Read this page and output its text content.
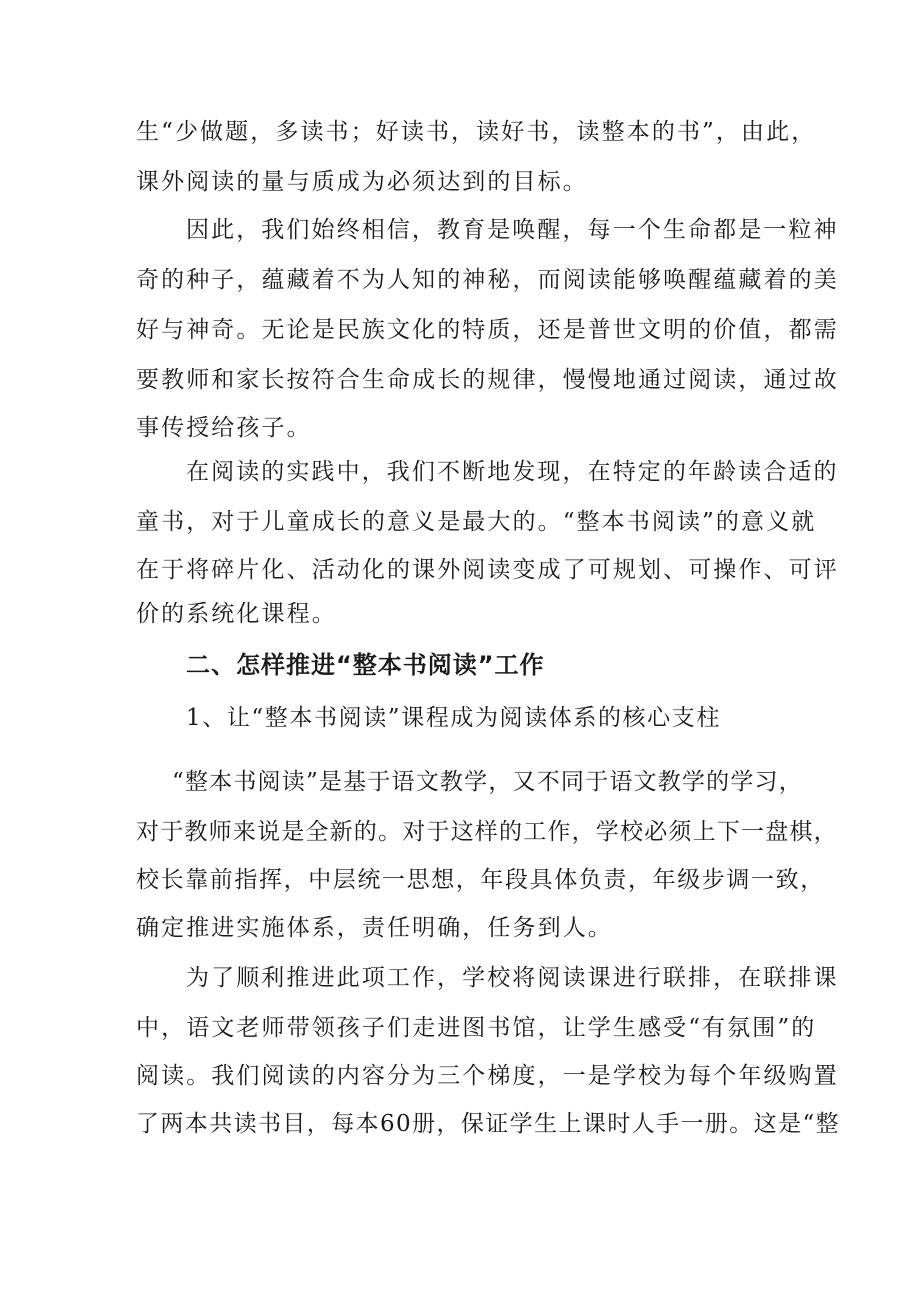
生“少做题，多读书；好读书，读好书，读整本的书”，由此，
课外阅读的量与质成为必须达到的目标。
因此，我们始终相信，教育是唤醒，每一个生命都是一粒神
奇的种子，蕴藏着不为人知的神秘，而阅读能够唤醒蕴藏着的美
好与神奇。无论是民族文化的特质，还是普世文明的价值，都需
要教师和家长按符合生命成长的规律，慢慢地通过阅读，通过故
事传授给孩子。
在阅读的实践中，我们不断地发现，在特定的年龄读合适的
童书，对于儿童成长的意义是最大的。“整本书阅读”的意义就
在于将碎片化、活动化的课外阅读变成了可规划、可操作、可评
价的系统化课程。
二、怎样推进“整本书阅读”工作
1、让“整本书阅读”课程成为阅读体系的核心支柱
“整本书阅读”是基于语文教学，又不同于语文教学的学习，
对于教师来说是全新的。对于这样的工作，学校必须上下一盘棋，
校长靠前指挥，中层统一思想，年段具体负责，年级步调一致，
确定推进实施体系，责任明确，任务到人。
为了顺利推进此项工作，学校将阅读课进行联排，在联排课
中，语文老师带领孩子们走进图书馆，让学生感受“有氛围”的
阅读。我们阅读的内容分为三个梯度，一是学校为每个年级购置
了两本共读书目，每本60册，保证学生上课时人手一册。这是“整
